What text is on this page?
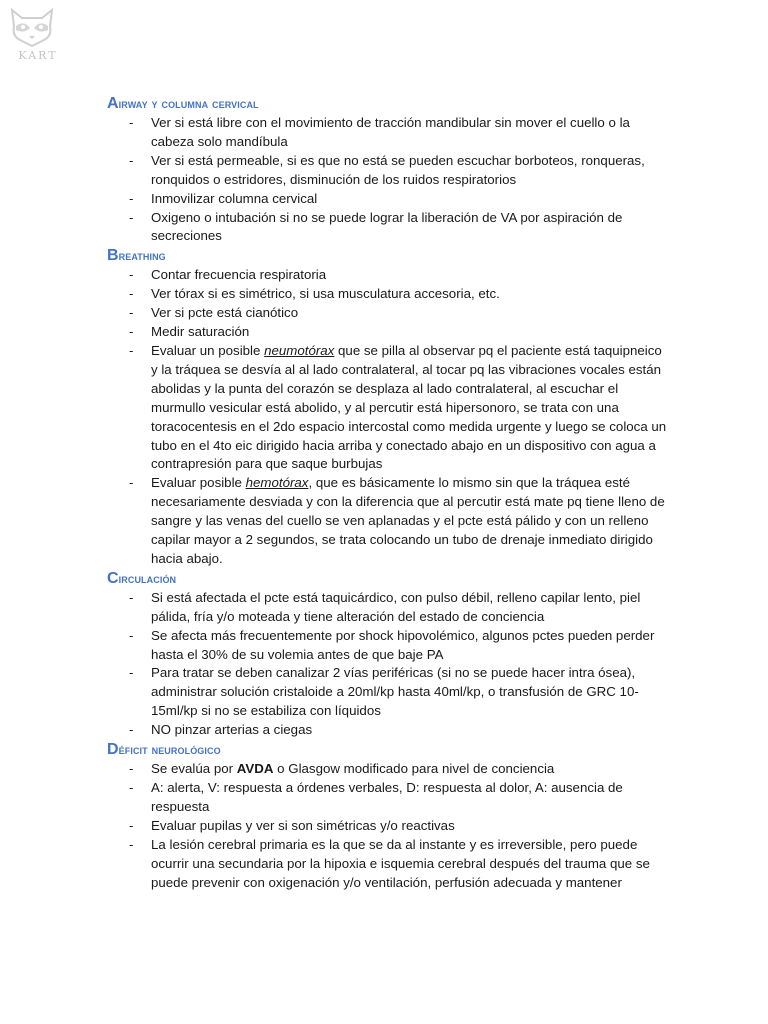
KART
Airway y columna cervical
- Ver si está libre con el movimiento de tracción mandibular sin mover el cuello o la cabeza solo mandíbula
- Ver si está permeable, si es que no está se pueden escuchar borboteos, ronqueras, ronquidos o estridores, disminución de los ruidos respiratorios
- Inmovilizar columna cervical
- Oxigeno o intubación si no se puede lograr la liberación de VA por aspiración de secreciones
Breathing
- Contar frecuencia respiratoria
- Ver tórax si es simétrico, si usa musculatura accesoria, etc.
- Ver si pcte está cianótico
- Medir saturación
- Evaluar un posible neumotórax que se pilla al observar pq el paciente está taquipneico y la tráquea se desvía al al lado contralateral, al tocar pq las vibraciones vocales están abolidas y la punta del corazón se desplaza al lado contralateral, al escuchar el murmullo vesicular está abolido, y al percutir está hipersonoro, se trata con una toracocentesis en el 2do espacio intercostal como medida urgente y luego se coloca un tubo en el 4to eic dirigido hacia arriba y conectado abajo en un dispositivo con agua a contrapresión para que saque burbujas
- Evaluar posible hemotórax, que es básicamente lo mismo sin que la tráquea esté necesariamente desviada y con la diferencia que al percutir está mate pq tiene lleno de sangre y las venas del cuello se ven aplanadas y el pcte está pálido y con un relleno capilar mayor a 2 segundos, se trata colocando un tubo de drenaje inmediato dirigido hacia abajo.
Circulación
- Si está afectada el pcte está taquicárdico, con pulso débil, relleno capilar lento, piel pálida, fría y/o moteada y tiene alteración del estado de conciencia
- Se afecta más frecuentemente por shock hipovolémico, algunos pctes pueden perder hasta el 30% de su volemia antes de que baje PA
- Para tratar se deben canalizar 2 vías periféricas (si no se puede hacer intra ósea), administrar solución cristaloide a 20ml/kp hasta 40ml/kp, o transfusión de GRC 10-15ml/kp si no se estabiliza con líquidos
- NO pinzar arterias a ciegas
Déficit neurológico
- Se evalúa por AVDA o Glasgow modificado para nivel de conciencia
- A: alerta, V: respuesta a órdenes verbales, D: respuesta al dolor, A: ausencia de respuesta
- Evaluar pupilas y ver si son simétricas y/o reactivas
- La lesión cerebral primaria es la que se da al instante y es irreversible, pero puede ocurrir una secundaria por la hipoxia e isquemia cerebral después del trauma que se puede prevenir con oxigenación y/o ventilación, perfusión adecuada y mantener
